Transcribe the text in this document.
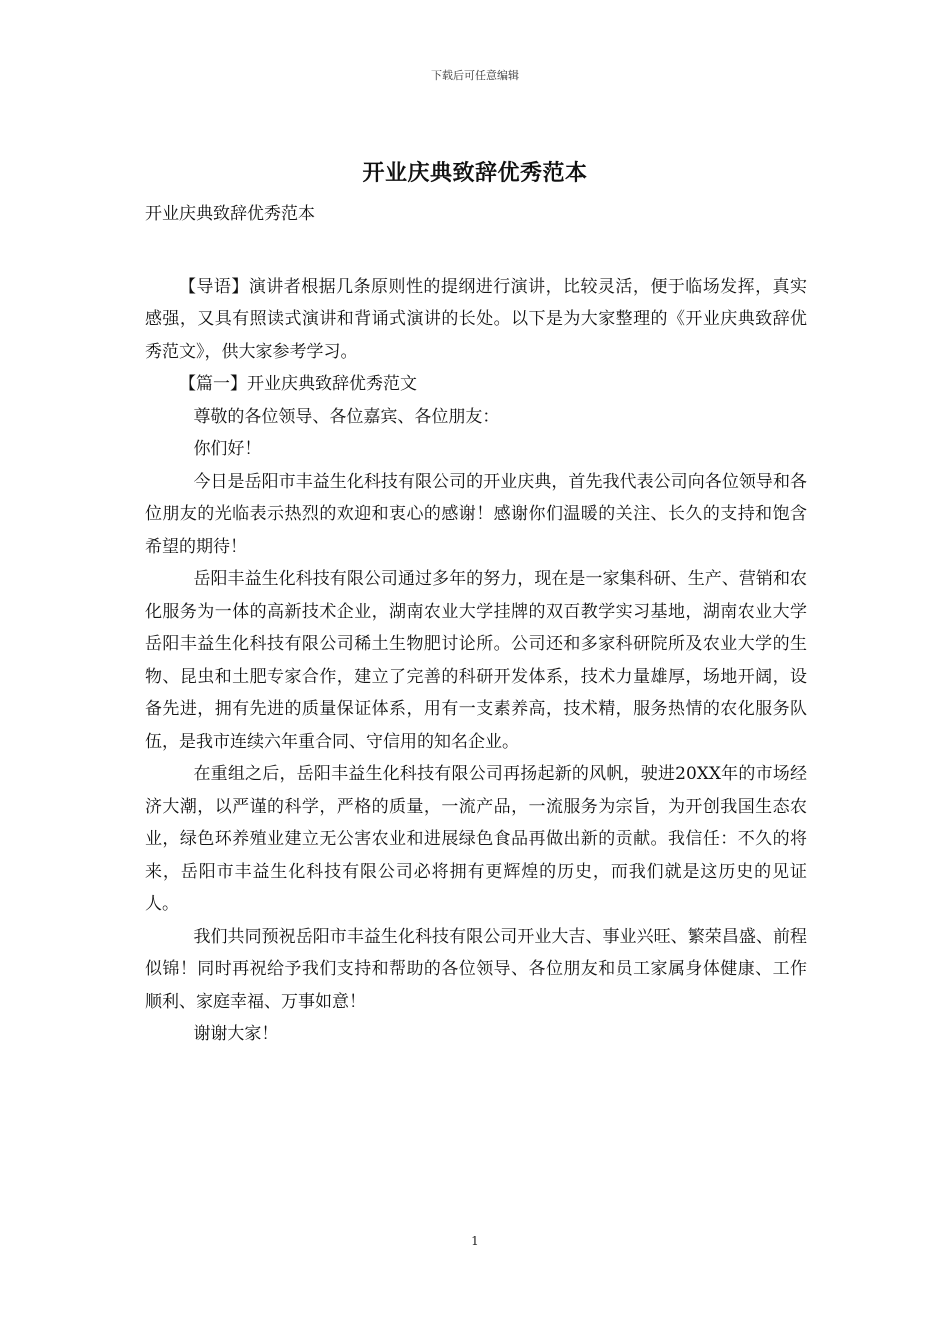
下载后可任意编辑
开业庆典致辞优秀范本

开业庆典致辞优秀范本

【导语】演讲者根据几条原则性的提纲进行演讲，比较灵活，便于临场发挥，真实感强，又具有照读式演讲和背诵式演讲的长处。以下是为大家整理的《开业庆典致辞优秀范文》，供大家参考学习。

【篇一】开业庆典致辞优秀范文

尊敬的各位领导、各位嘉宾、各位朋友：

你们好！

今日是岳阳市丰益生化科技有限公司的开业庆典，首先我代表公司向各位领导和各位朋友的光临表示热烈的欢迎和衷心的感谢！感谢你们温暖的关注、长久的支持和饱含希望的期待！

岳阳丰益生化科技有限公司通过多年的努力，现在是一家集科研、生产、营销和农化服务为一体的高新技术企业，湖南农业大学挂牌的双百教学实习基地，湖南农业大学岳阳丰益生化科技有限公司稀土生物肥讨论所。公司还和多家科研院所及农业大学的生物、昆虫和土肥专家合作，建立了完善的科研开发体系，技术力量雄厚，场地开阔，设备先进，拥有先进的质量保证体系，用有一支素养高，技术精，服务热情的农化服务队伍，是我市连续六年重合同、守信用的知名企业。

在重组之后，岳阳丰益生化科技有限公司再扬起新的风帆，驶进20XX年的市场经济大潮，以严谨的科学，严格的质量，一流产品，一流服务为宗旨，为开创我国生态农业，绿色环养殖业建立无公害农业和进展绿色食品再做出新的贡献。我信任：不久的将来，岳阳市丰益生化科技有限公司必将拥有更辉煌的历史，而我们就是这历史的见证人。

我们共同预祝岳阳市丰益生化科技有限公司开业大吉、事业兴旺、繁荣昌盛、前程似锦！同时再祝给予我们支持和帮助的各位领导、各位朋友和员工家属身体健康、工作顺利、家庭幸福、万事如意！

谢谢大家！

1
